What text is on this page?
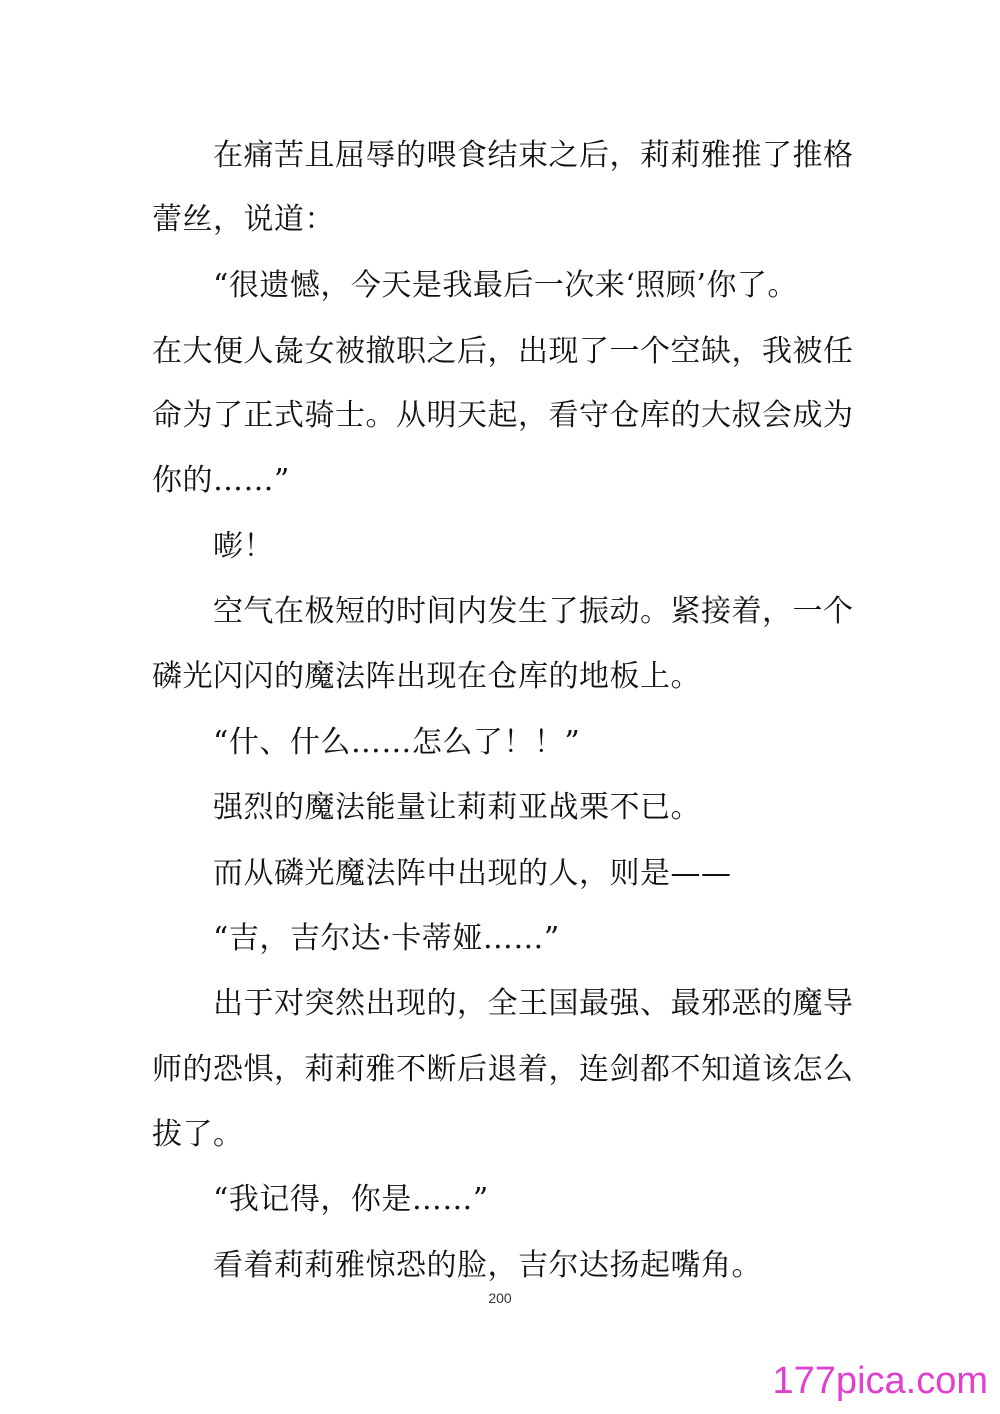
在痛苦且屈辱的喂食结束之后，莉莉雅推了推格
蕾丝，说道：
“很遗憾，今天是我最后一次来‘照顾’你了。
在大便人彘女被撤职之后，出现了一个空缺，我被任
命为了正式骑士。从明天起，看守仓库的大叔会成为
你的……”
嘭！
空气在极短的时间内发生了振动。紧接着，一个
磷光闪闪的魔法阵出现在仓库的地板上。
“什、什么……怎么了！！”
强烈的魔法能量让莉莉亚战栗不已。
而从磷光魔法阵中出现的人，则是——
“吉，吉尔达·卡蒂娅……”
出于对突然出现的，全王国最强、最邪恶的魔导
师的恐惧，莉莉雅不断后退着，连剑都不知道该怎么
拔了。
“我记得，你是……”
看着莉莉雅惊恐的脸，吉尔达扬起嘴角。
200
177pica.com
